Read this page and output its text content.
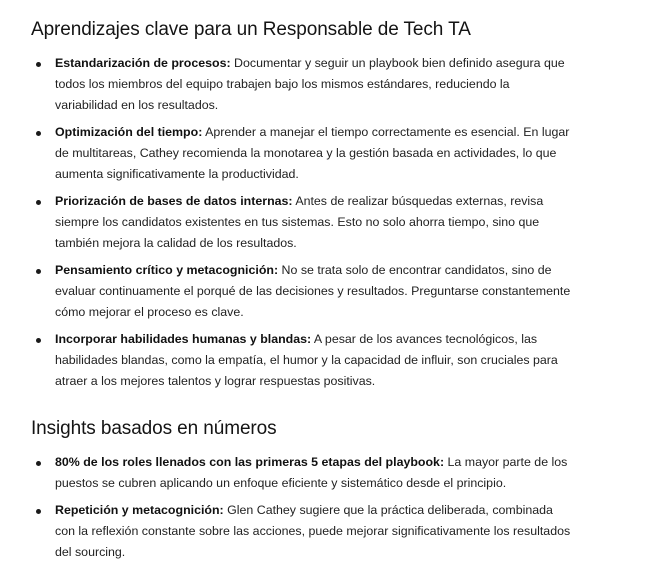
Aprendizajes clave para un Responsable de Tech TA
Estandarización de procesos: Documentar y seguir un playbook bien definido asegura que todos los miembros del equipo trabajen bajo los mismos estándares, reduciendo la variabilidad en los resultados.
Optimización del tiempo: Aprender a manejar el tiempo correctamente es esencial. En lugar de multitareas, Cathey recomienda la monotarea y la gestión basada en actividades, lo que aumenta significativamente la productividad.
Priorización de bases de datos internas: Antes de realizar búsquedas externas, revisa siempre los candidatos existentes en tus sistemas. Esto no solo ahorra tiempo, sino que también mejora la calidad de los resultados.
Pensamiento crítico y metacognición: No se trata solo de encontrar candidatos, sino de evaluar continuamente el porqué de las decisiones y resultados. Preguntarse constantemente cómo mejorar el proceso es clave.
Incorporar habilidades humanas y blandas: A pesar de los avances tecnológicos, las habilidades blandas, como la empatía, el humor y la capacidad de influir, son cruciales para atraer a los mejores talentos y lograr respuestas positivas.
Insights basados en números
80% de los roles llenados con las primeras 5 etapas del playbook: La mayor parte de los puestos se cubren aplicando un enfoque eficiente y sistemático desde el principio.
Repetición y metacognición: Glen Cathey sugiere que la práctica deliberada, combinada con la reflexión constante sobre las acciones, puede mejorar significativamente los resultados del sourcing.
